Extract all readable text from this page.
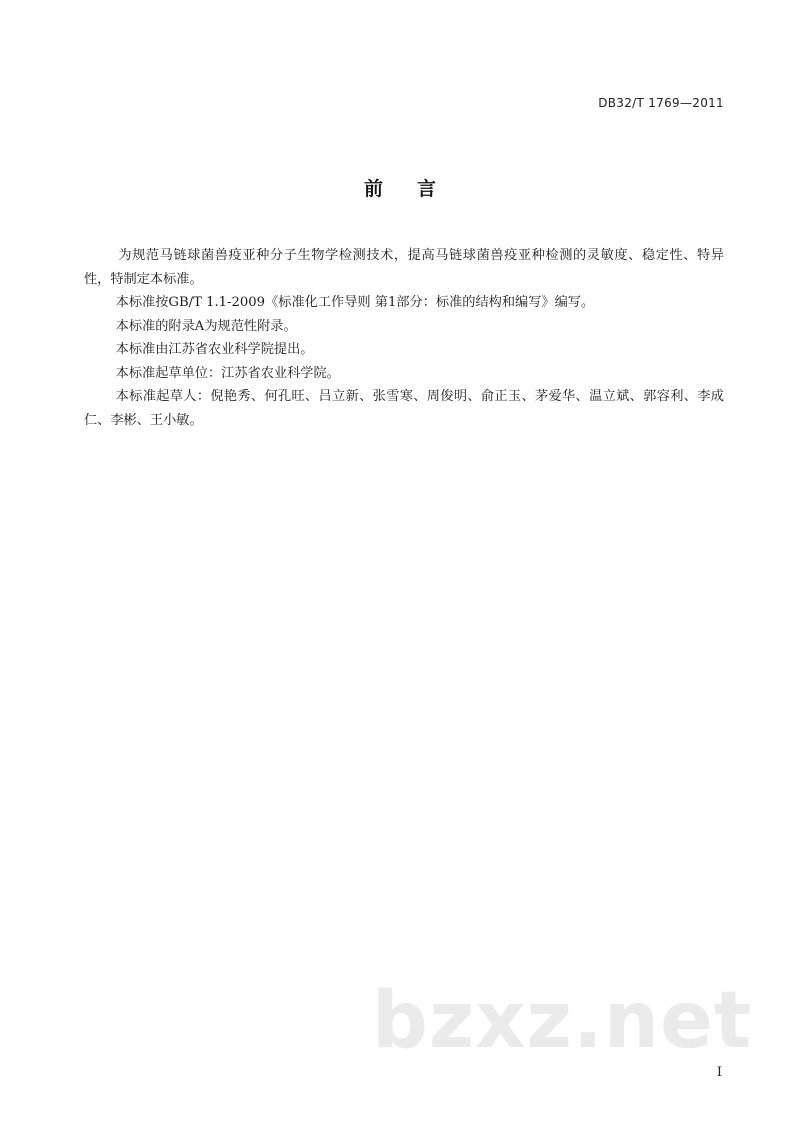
DB32/T 1769—2011
前 言

为规范马链球菌兽疫亚种分子生物学检测技术，提高马链球菌兽疫亚种检测的灵敏度、稳定性、特异性，特制定本标准。

本标准按GB/T 1.1-2009《标准化工作导则 第1部分：标准的结构和编写》编写。

本标准的附录A为规范性附录。

本标准由江苏省农业科学院提出。

本标准起草单位：江苏省农业科学院。

本标准起草人：倪艳秀、何孔旺、吕立新、张雪寒、周俊明、俞正玉、茅爱华、温立斌、郭容利、李成仁、李彬、王小敏。

bzxz.net
I
